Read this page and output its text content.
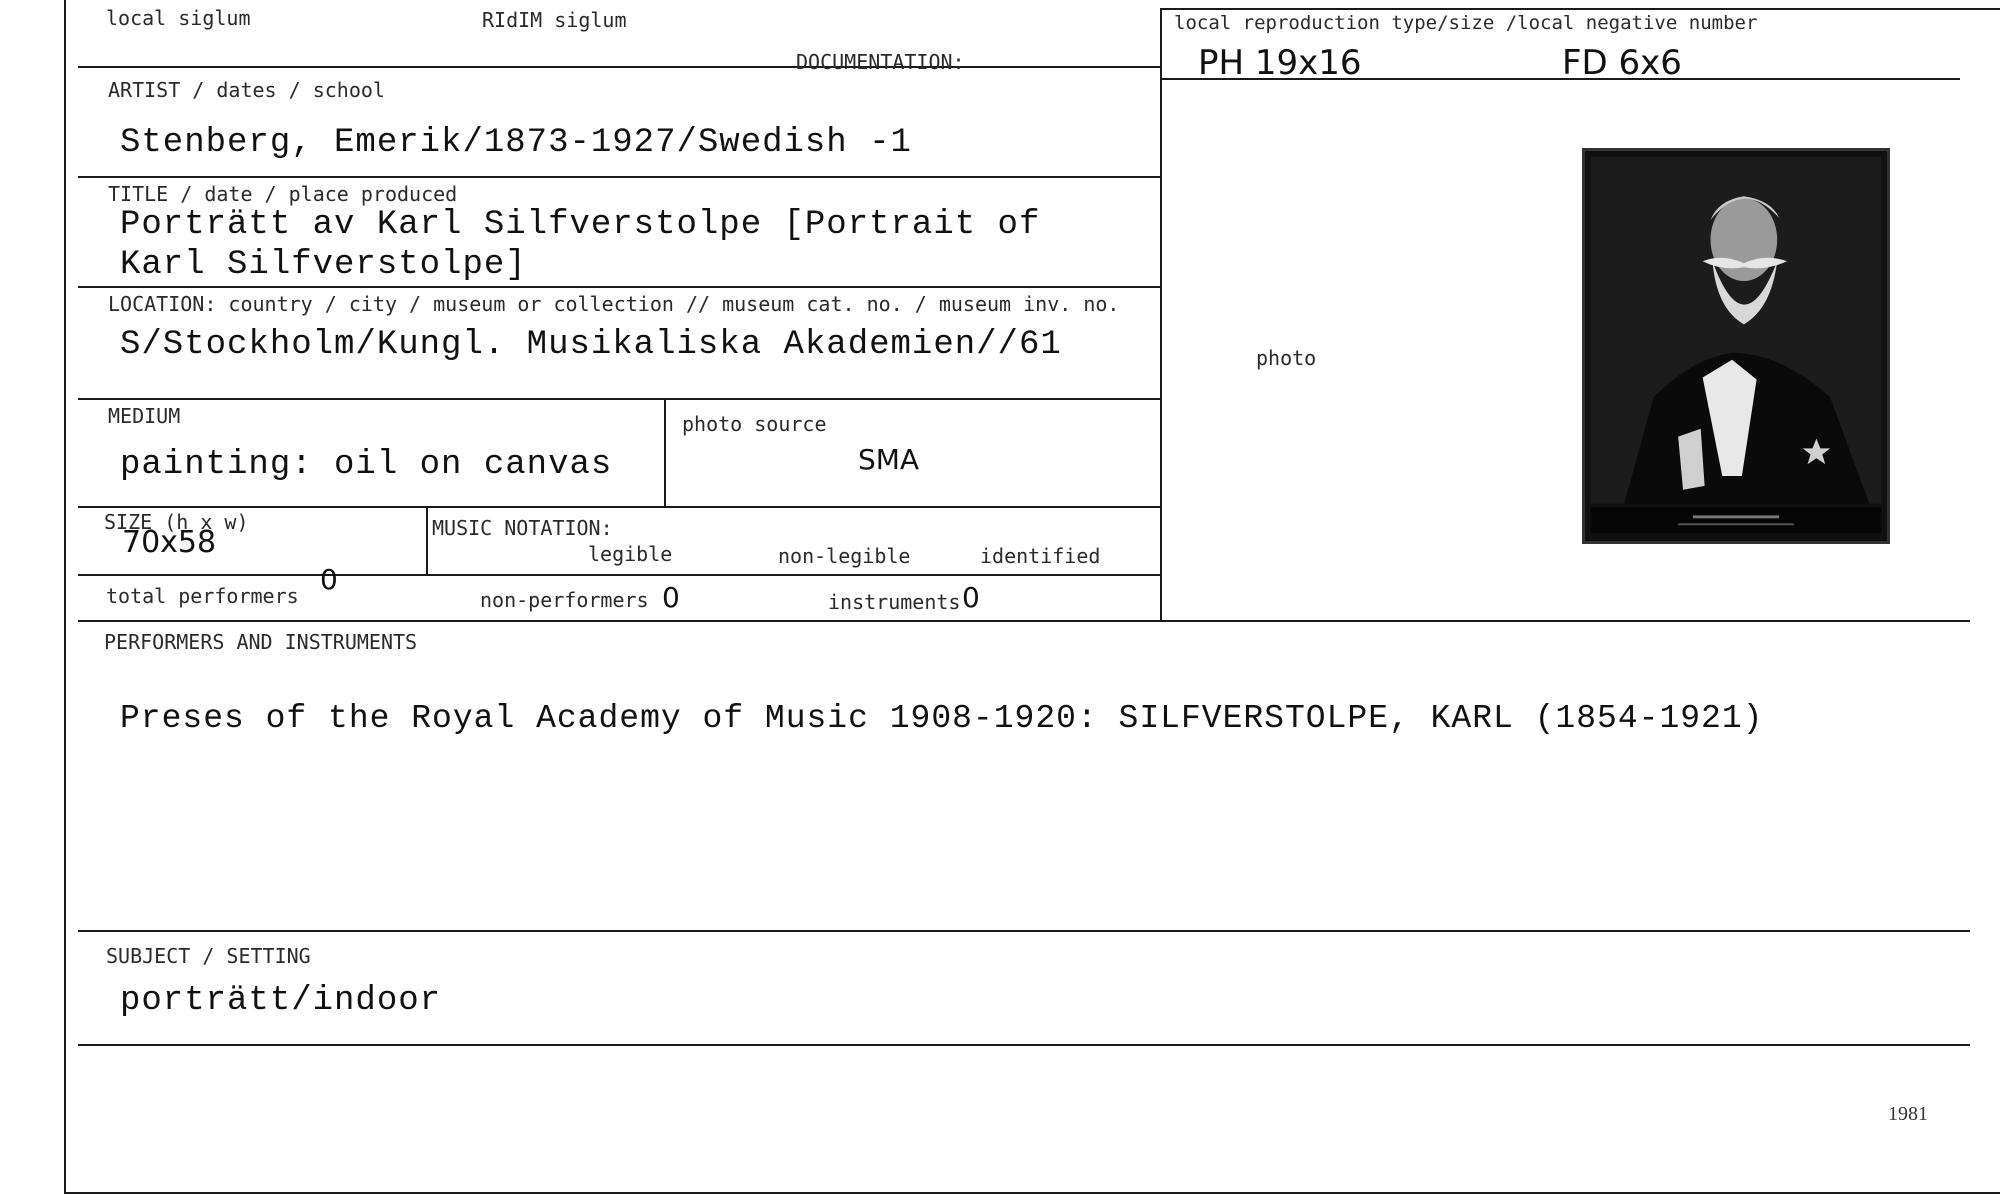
local siglum	RIdIM siglum
DOCUMENTATION:
local reproduction type/size /local negative number
PH 19x16	FD 6x6
ARTIST / dates / school
Stenberg, Emerik/1873-1927/Swedish -1
TITLE / date / place produced
Porträtt av Karl Silfverstolpe [Portrait of
Karl Silfverstolpe]
LOCATION: country / city / museum or collection // museum cat. no. / museum inv. no.
S/Stockholm/Kungl. Musikaliska Akademien//61
MEDIUM
painting: oil on canvas
photo source
SMA
SIZE (h x w)
70x58	MUSIC NOTATION:
legible	non-legible	identified
total performers 0
non-performers 0	instruments 0
photo
PERFORMERS AND INSTRUMENTS
Preses of the Royal Academy of Music 1908-1920: SILFVERSTOLPE, KARL (1854-1921)
SUBJECT / SETTING
porträtt/indoor
1981
